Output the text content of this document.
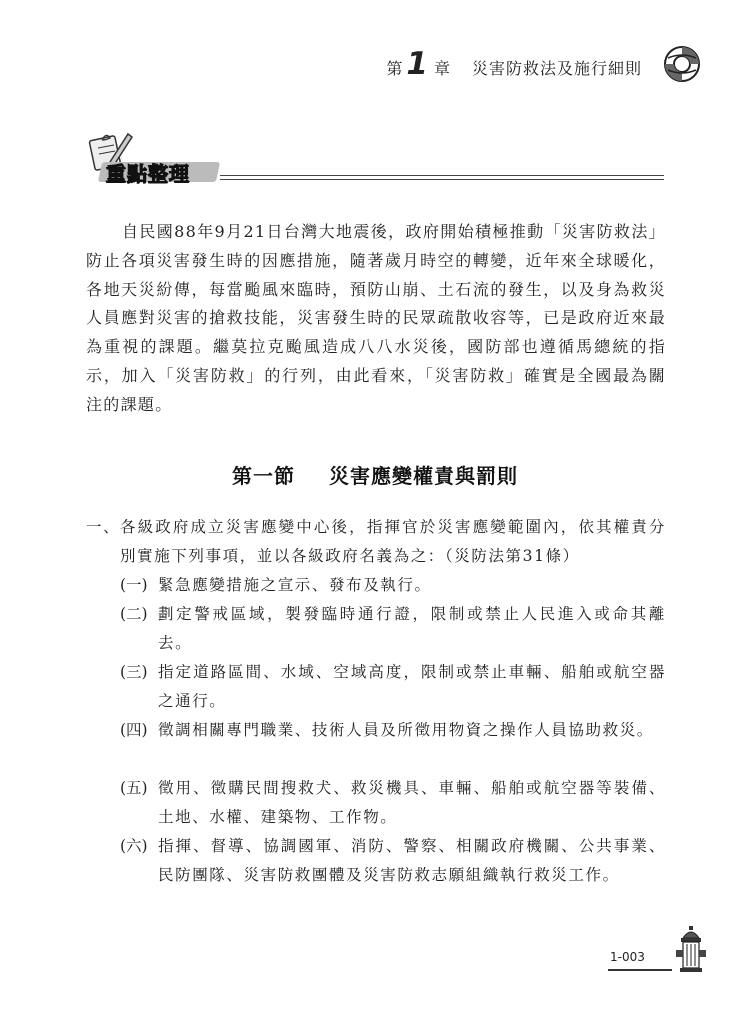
第 1 章 災害防救法及施行細則
重點整理

自民國88年9月21日台灣大地震後，政府開始積極推動「災害防救法」防止各項災害發生時的因應措施，隨著歲月時空的轉變，近年來全球暖化，各地天災紛傳，每當颱風來臨時，預防山崩、土石流的發生，以及身為救災人員應對災害的搶救技能，災害發生時的民眾疏散收容等，已是政府近來最為重視的課題。繼莫拉克颱風造成八八水災後，國防部也遵循馬總統的指示，加入「災害防救」的行列，由此看來，「災害防救」確實是全國最為關注的課題。

第一節 災害應變權責與罰則
一、 各級政府成立災害應變中心後，指揮官於災害應變範圍內，依其權責分別實施下列事項，並以各級政府名義為之：（災防法第31條）
(一) 緊急應變措施之宣示、發布及執行。
(二) 劃定警戒區域，製發臨時通行證，限制或禁止人民進入或命其離去。
(三) 指定道路區間、水域、空域高度，限制或禁止車輛、船舶或航空器之通行。
(四) 徵調相關專門職業、技術人員及所徵用物資之操作人員協助救災。
(五) 徵用、徵購民間搜救犬、救災機具、車輛、船舶或航空器等裝備、土地、水權、建築物、工作物。
(六) 指揮、督導、協調國軍、消防、警察、相關政府機關、公共事業、民防團隊、災害防救團體及災害防救志願組織執行救災工作。
1-003
